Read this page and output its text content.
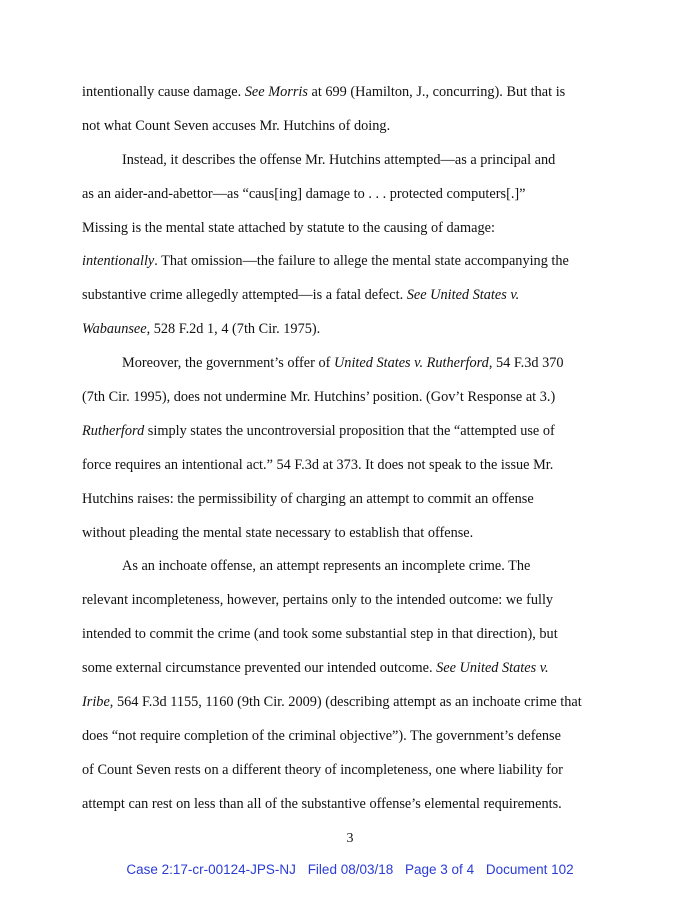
intentionally cause damage. See Morris at 699 (Hamilton, J., concurring). But that is
not what Count Seven accuses Mr. Hutchins of doing.
Instead, it describes the offense Mr. Hutchins attempted—as a principal and
as an aider-and-abettor—as “caus[ing] damage to . . . protected computers[.]”
Missing is the mental state attached by statute to the causing of damage:
intentionally. That omission—the failure to allege the mental state accompanying the
substantive crime allegedly attempted—is a fatal defect. See United States v.
Wabaunsee, 528 F.2d 1, 4 (7th Cir. 1975).
Moreover, the government’s offer of United States v. Rutherford, 54 F.3d 370
(7th Cir. 1995), does not undermine Mr. Hutchins’ position. (Gov’t Response at 3.)
Rutherford simply states the uncontroversial proposition that the “attempted use of
force requires an intentional act.” 54 F.3d at 373. It does not speak to the issue Mr.
Hutchins raises: the permissibility of charging an attempt to commit an offense
without pleading the mental state necessary to establish that offense.
As an inchoate offense, an attempt represents an incomplete crime. The
relevant incompleteness, however, pertains only to the intended outcome: we fully
intended to commit the crime (and took some substantial step in that direction), but
some external circumstance prevented our intended outcome. See United States v.
Iribe, 564 F.3d 1155, 1160 (9th Cir. 2009) (describing attempt as an inchoate crime that
does “not require completion of the criminal objective”). The government’s defense
of Count Seven rests on a different theory of incompleteness, one where liability for
attempt can rest on less than all of the substantive offense’s elemental requirements.
3
Case 2:17-cr-00124-JPS-NJ Filed 08/03/18 Page 3 of 4 Document 102
